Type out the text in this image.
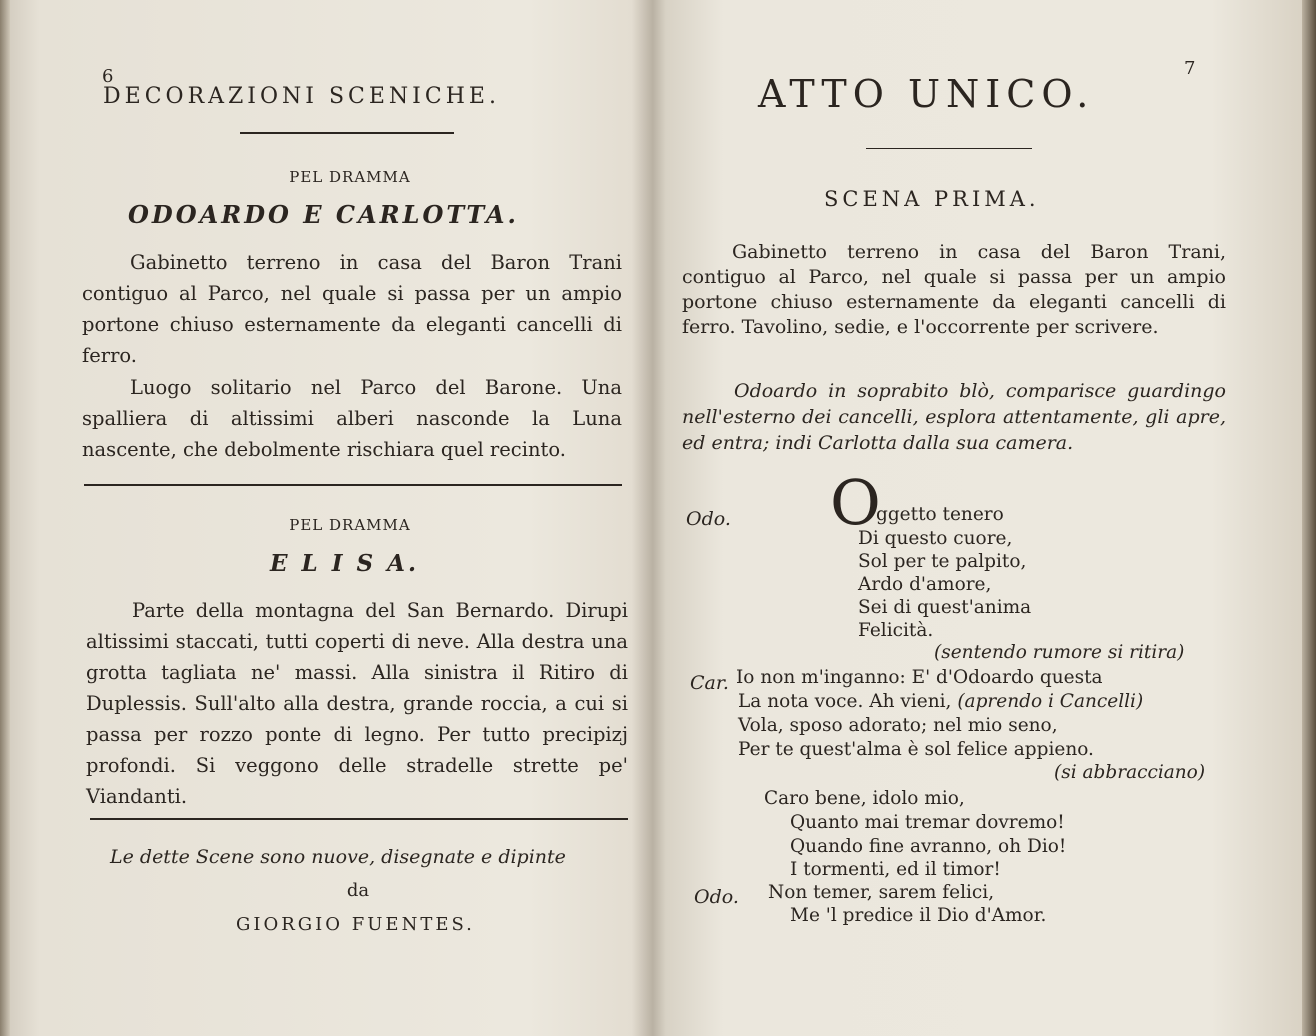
6
DECORAZIONI SCENICHE.
PEL DRAMMA
ODOARDO E CARLOTTA.
Gabinetto terreno in casa del Baron Trani contiguo al Parco, nel quale si passa per un ampio portone chiuso esternamente da eleganti cancelli di ferro.
Luogo solitario nel Parco del Barone. Una spalliera di altissimi alberi nasconde la Luna nascente, che debolmente rischiara quel recinto.
PEL DRAMMA
E L I S A.
Parte della montagna del San Bernardo. Dirupi altissimi staccati, tutti coperti di neve. Alla destra una grotta tagliata ne' massi. Alla sinistra il Ritiro di Duplessis. Sull'alto alla destra, grande roccia, a cui si passa per rozzo ponte di legno. Per tutto precipizj profondi. Si veggono delle stradelle strette pe' Viandanti.
Le dette Scene sono nuove, disegnate e dipinte
da
GIORGIO FUENTES.
7
ATTO UNICO.
SCENA PRIMA.
Gabinetto terreno in casa del Baron Trani, contiguo al Parco, nel quale si passa per un ampio portone chiuso esternamente da eleganti cancelli di ferro. Tavolino, sedie, e l'occorrente per scrivere.
Odoardo in soprabito blò, comparisce guardingo nell'esterno dei cancelli, esplora attentamente, gli apre, ed entra; indi Carlotta dalla sua camera.
Odo. O
ggetto tenero
Di questo cuore,
Sol per te palpito,
Ardo d'amore,
Sei di quest'anima
Felicità.
(sentendo rumore si ritira)
Car. Io non m'inganno: E' d'Odoardo questa
La nota voce. Ah vieni, (aprendo i Cancelli)
Vola, sposo adorato; nel mio seno,
Per te quest'alma è sol felice appieno.
(si abbracciano)
Caro bene, idolo mio,
Quanto mai tremar dovremo!
Quando fine avranno, oh Dio!
I tormenti, ed il timor!
Odo. Non temer, sarem felici,
Me 'l predice il Dio d'Amor.
